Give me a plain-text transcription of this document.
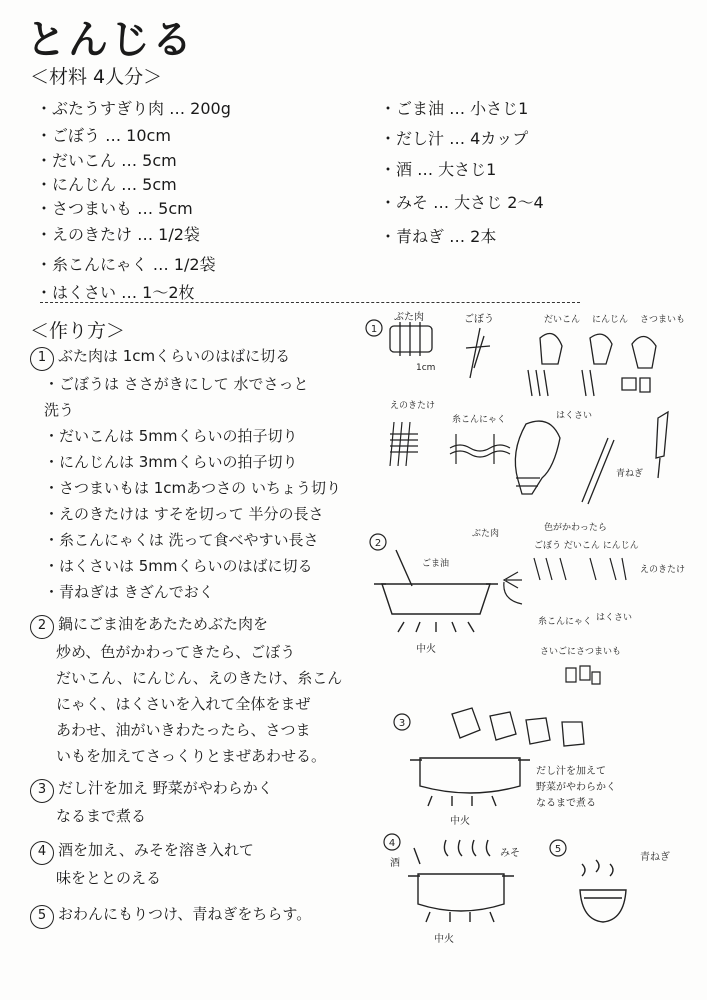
とんじる
＜材料 4人分＞
・ぶたうすぎり肉 … 200g
・ごぼう … 10cm
・だいこん … 5cm
・にんじん … 5cm
・さつまいも … 5cm
・えのきたけ … 1/2袋
・糸こんにゃく … 1/2袋
・はくさい … 1〜2枚
・ごま油 … 小さじ1
・だし汁 … 4カップ
・酒 … 大さじ1
・みそ … 大さじ 2〜4
・青ねぎ … 2本
＜作り方＞
1 ぶた肉は 1cmくらいのはばに切る
・ごぼうは ささがきにして 水でさっと
洗う
・だいこんは 5mmくらいの拍子切り
・にんじんは 3mmくらいの拍子切り
・さつまいもは 1cmあつさの いちょう切り
・えのきたけは すそを切って 半分の長さ
・糸こんにゃくは 洗って食べやすい長さ
・はくさいは 5mmくらいのはばに切る
・青ねぎは きざんでおく
2 鍋にごま油をあたためぶた肉を
炒め、色がかわってきたら、ごぼう
だいこん、にんじん、えのきたけ、糸こん
にゃく、はくさいを入れて全体をまぜ
あわせ、油がいきわたったら、さつま
いもを加えてさっくりとまぜあわせる。
3 だし汁を加え 野菜がやわらかく
なるまで煮る
4 酒を加え、みそを溶き入れて
味をととのえる
5 おわんにもりつけ、青ねぎをちらす。
1
ぶた肉
1cm
ごぼう	だいこん にんじん さつまいも
えのきたけ
糸こんにゃく	はくさい
青ねぎ
2
ぶた肉
ごま油
中火
色がかわったら
ごぼう だいこん にんじん
えのきたけ
糸こんにゃく はくさい
さいごにさつまいも
3
中火
だし汁を加えて
野菜がやわらかく
なるまで煮る
4
酒
みそ
中火
5
青ねぎ
